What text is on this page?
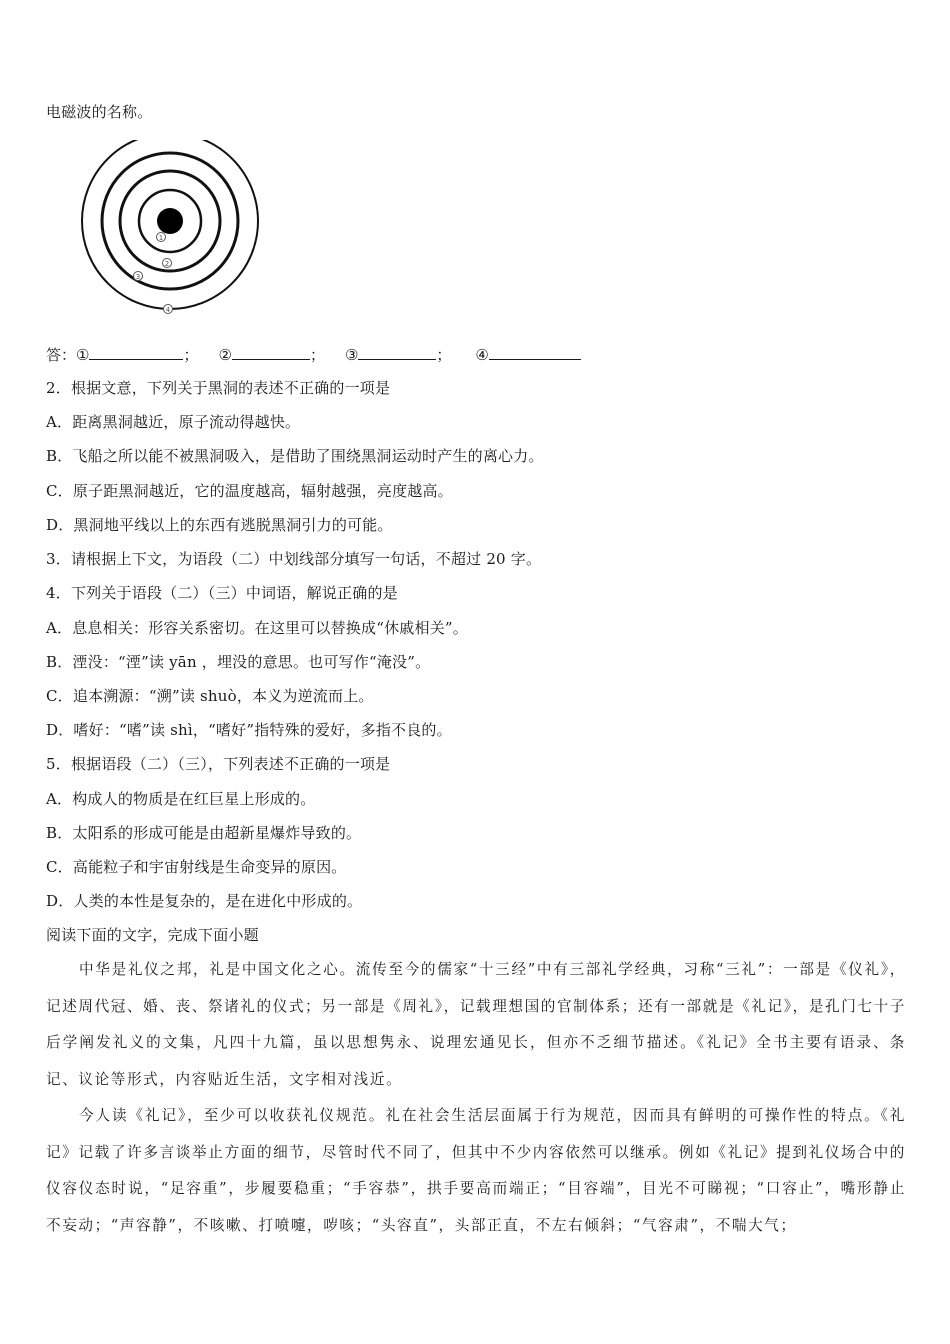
电磁波的名称。
1
2
3
4
答：①	； ②	； ③	； ④
2．根据文意，下列关于黑洞的表述不正确的一项是
A．距离黑洞越近，原子流动得越快。
B．飞船之所以能不被黑洞吸入，是借助了围绕黑洞运动时产生的离心力。
C．原子距黑洞越近，它的温度越高，辐射越强，亮度越高。
D．黑洞地平线以上的东西有逃脱黑洞引力的可能。
3．请根据上下文，为语段（二）中划线部分填写一句话，不超过 20 字。
4．下列关于语段（二）（三）中词语，解说正确的是
A．息息相关：形容关系密切。在这里可以替换成“休戚相关”。
B．湮没：“湮”读 yān ，埋没的意思。也可写作“淹没”。
C．追本溯源：“溯”读 shuò，本义为逆流而上。
D．嗜好：“嗜”读 shì，“嗜好”指特殊的爱好，多指不良的。
5．根据语段（二）（三），下列表述不正确的一项是
A．构成人的物质是在红巨星上形成的。
B．太阳系的形成可能是由超新星爆炸导致的。
C．高能粒子和宇宙射线是生命变异的原因。
D．人类的本性是复杂的，是在进化中形成的。
阅读下面的文字，完成下面小题

中华是礼仪之邦，礼是中国文化之心。流传至今的儒家“十三经”中有三部礼学经典，习称“三礼”：一部是《仪礼》，记述周代冠、婚、丧、祭诸礼的仪式；另一部是《周礼》，记载理想国的官制体系；还有一部就是《礼记》，是孔门七十子后学阐发礼义的文集，凡四十九篇，虽以思想隽永、说理宏通见长，但亦不乏细节描述。《礼记》全书主要有语录、条记、议论等形式，内容贴近生活，文字相对浅近。

今人读《礼记》，至少可以收获礼仪规范。礼在社会生活层面属于行为规范，因而具有鲜明的可操作性的特点。《礼记》记载了许多言谈举止方面的细节，尽管时代不同了，但其中不少内容依然可以继承。例如《礼记》提到礼仪场合中的仪容仪态时说，“足容重”，步履要稳重；“手容恭”，拱手要高而端正；“目容端”，目光不可睇视；“口容止”，嘴形静止不妄动；“声容静”，不咳嗽、打喷嚏，哕咳；“头容直”，头部正直，不左右倾斜；“气容肃”，不喘大气；
